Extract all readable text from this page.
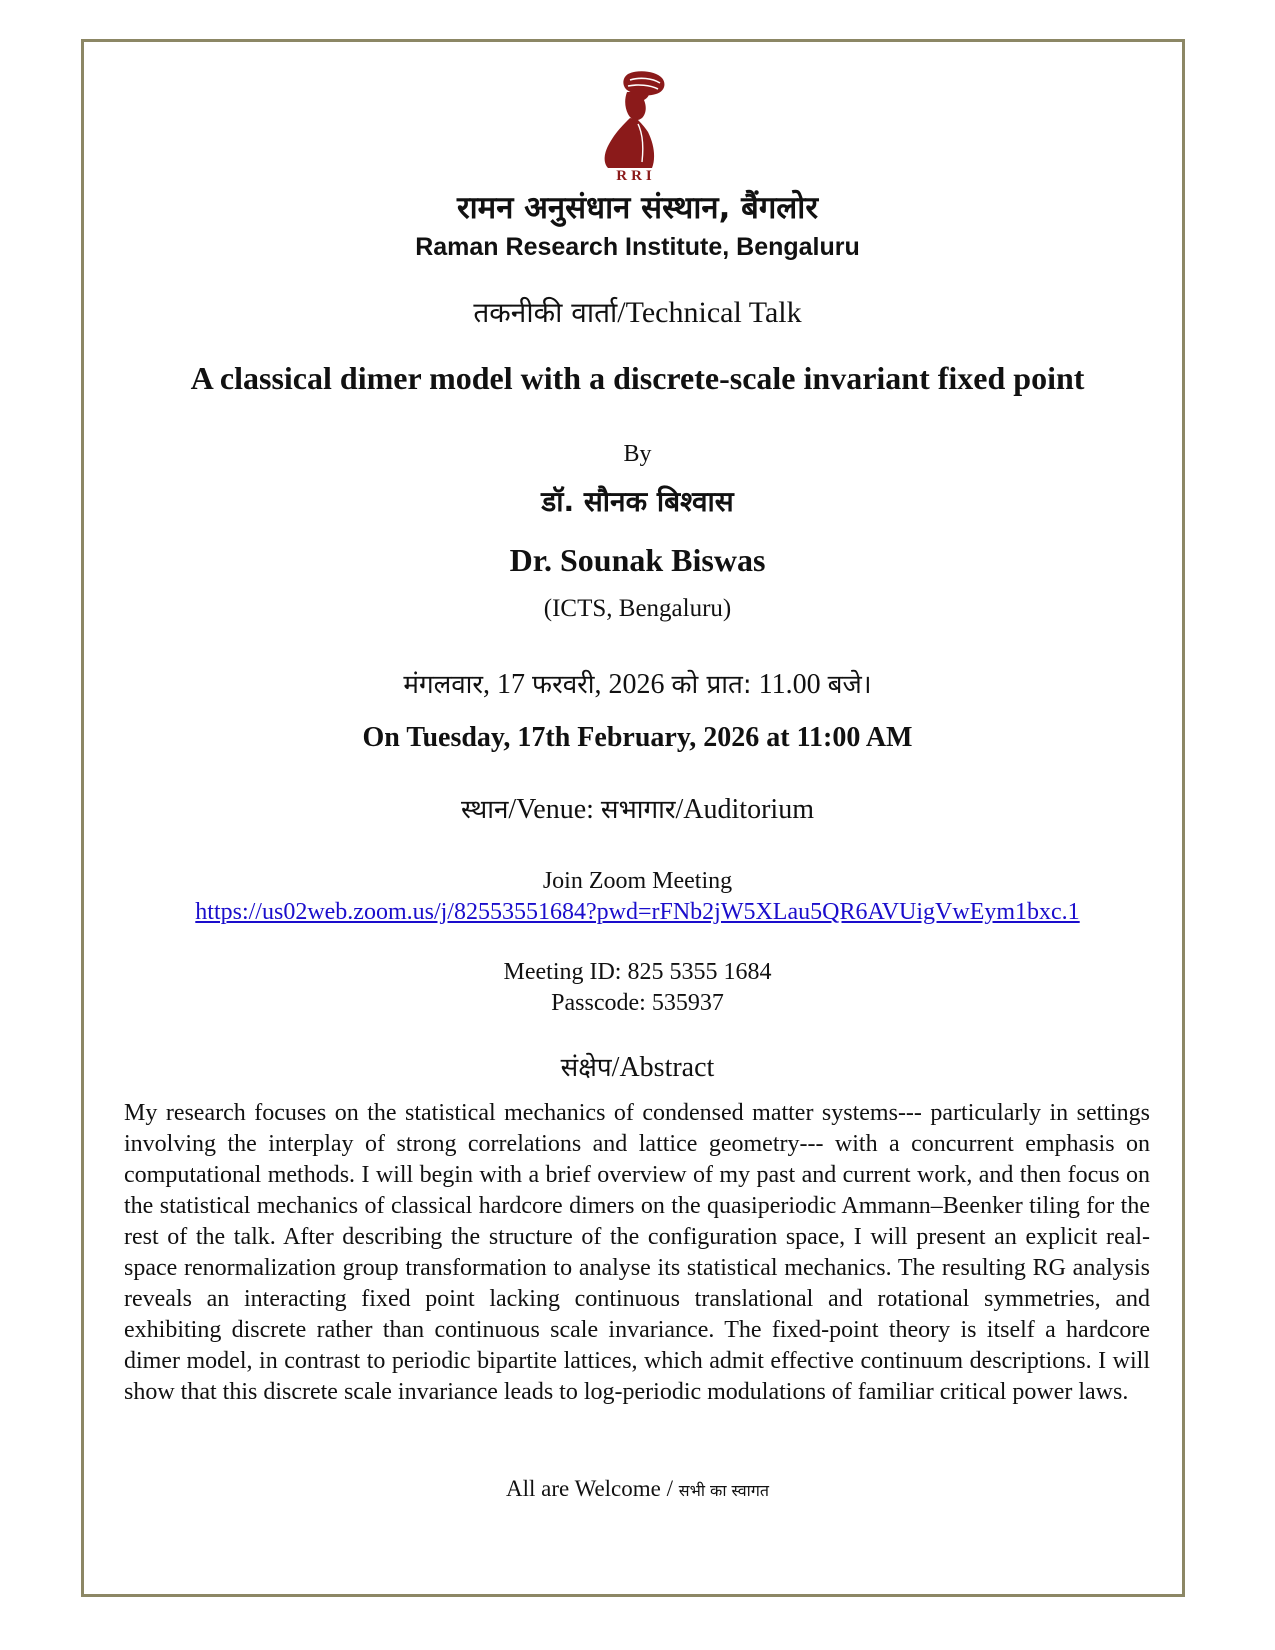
RRI
रामन अनुसंधान संस्थान, बैंगलोर
Raman Research Institute, Bengaluru
तकनीकी वार्ता/Technical Talk
A classical dimer model with a discrete-scale invariant fixed point
By
डॉ. सौनक बिश्वास
Dr. Sounak Biswas
(ICTS, Bengaluru)
मंगलवार, 17 फरवरी, 2026 को प्रात: 11.00 बजे।
On Tuesday, 17th February, 2026 at 11:00 AM
स्थान/Venue: सभागार/Auditorium
Join Zoom Meeting
https://us02web.zoom.us/j/82553551684?pwd=rFNb2jW5XLau5QR6AVUigVwEym1bxc.1
Meeting ID: 825 5355 1684
Passcode: 535937
संक्षेप/Abstract
My research focuses on the statistical mechanics of condensed matter systems--- particularly in settings involving the interplay of strong correlations and lattice geometry--- with a concurrent emphasis on computational methods. I will begin with a brief overview of my past and current work, and then focus on the statistical mechanics of classical hardcore dimers on the quasiperiodic Ammann–Beenker tiling for the rest of the talk. After describing the structure of the configuration space, I will present an explicit real-space renormalization group transformation to analyse its statistical mechanics. The resulting RG analysis reveals an interacting fixed point lacking continuous translational and rotational symmetries, and exhibiting discrete rather than continuous scale invariance. The fixed-point theory is itself a hardcore dimer model, in contrast to periodic bipartite lattices, which admit effective continuum descriptions. I will show that this discrete scale invariance leads to log-periodic modulations of familiar critical power laws.
All are Welcome / सभी का स्वागत
